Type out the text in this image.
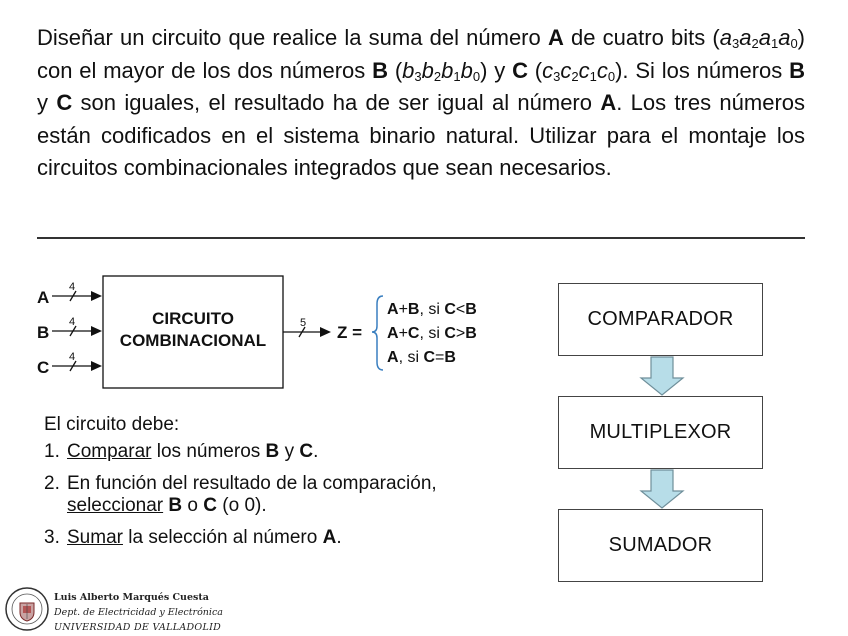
Diseñar un circuito que realice la suma del número A de cuatro bits $(a_3a_2a_1a_0)$ con el mayor de los dos números B $(b_3b_2b_1b_0)$ y C $(c_3c_2c_1c_0)$. Si los números B y C son iguales, el resultado ha de ser igual al número A. Los tres números están codificados en el sistema binario natural. Utilizar para el montaje los circuitos combinacionales integrados que sean necesarios.

A
B
C
4
4
4
CIRCUITO
COMBINACIONAL
5 Z =
A+B, si C<B
A+C, si C>B
A, si C=B

El circuito debe:

1. Comparar los números B y C.
2. En función del resultado de la comparación,
seleccionar B o C (o 0).
3. Sumar la selección al número A.
COMPARADOR
MULTIPLEXOR
SUMADOR
Luis Alberto Marqués Cuesta
Dept. de Electricidad y Electrónica
UNIVERSIDAD DE VALLADOLID
